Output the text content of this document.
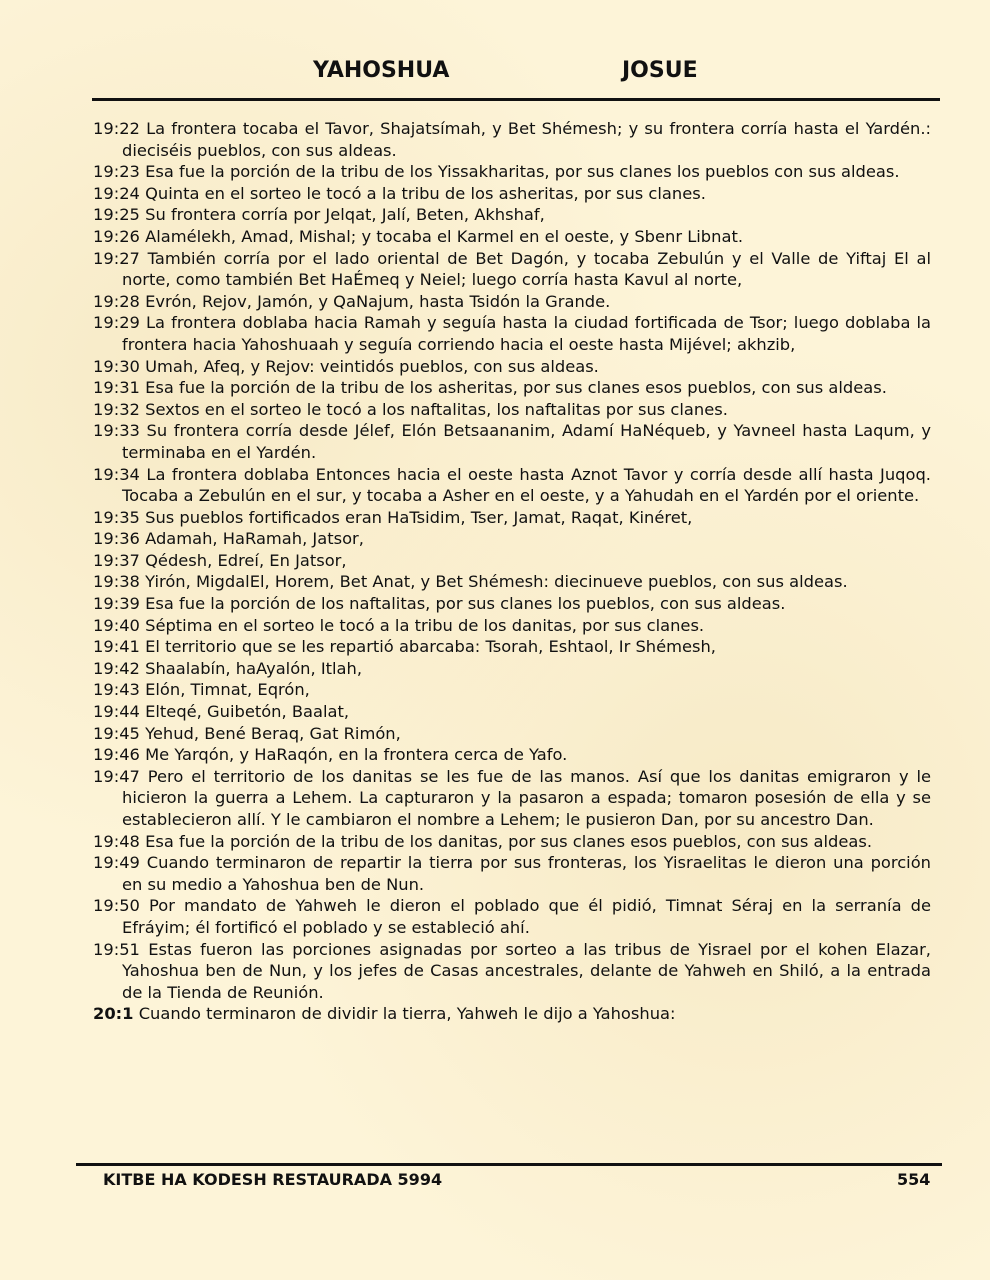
YAHOSHUA	JOSUE
19:22 La frontera tocaba el Tavor, Shajatsímah, y Bet Shémesh; y su frontera corría hasta el Yardén.: dieciséis pueblos, con sus aldeas.
19:23 Esa fue la porción de la tribu de los Yissakharitas, por sus clanes los pueblos con sus aldeas.
19:24 Quinta en el sorteo le tocó a la tribu de los asheritas, por sus clanes.
19:25 Su frontera corría por Jelqat, Jalí, Beten, Akhshaf,
19:26 Alamélekh, Amad, Mishal; y tocaba el Karmel en el oeste, y Sbenr Libnat.
19:27 También corría por el lado oriental de Bet Dagón, y tocaba Zebulún y el Valle de Yiftaj El al norte, como también Bet HaÉmeq y Neiel; luego corría hasta Kavul al norte,
19:28 Evrón, Rejov, Jamón, y QaNajum, hasta Tsidón la Grande.
19:29 La frontera doblaba hacia Ramah y seguía hasta la ciudad fortificada de Tsor; luego doblaba la frontera hacia Yahoshuaah y seguía corriendo hacia el oeste hasta Mijével; akhzib,
19:30 Umah, Afeq, y Rejov: veintidós pueblos, con sus aldeas.
19:31 Esa fue la porción de la tribu de los asheritas, por sus clanes esos pueblos, con sus aldeas.
19:32 Sextos en el sorteo le tocó a los naftalitas, los naftalitas por sus clanes.
19:33 Su frontera corría desde Jélef, Elón Betsaananim, Adamí HaNéqueb, y Yavneel hasta Laqum, y terminaba en el Yardén.
19:34 La frontera doblaba Entonces hacia el oeste hasta Aznot Tavor y corría desde allí hasta Juqoq. Tocaba a Zebulún en el sur, y tocaba a Asher en el oeste, y a Yahudah en el Yardén por el oriente.
19:35 Sus pueblos fortificados eran HaTsidim, Tser, Jamat, Raqat, Kinéret,
19:36 Adamah, HaRamah, Jatsor,
19:37 Qédesh, Edreí, En Jatsor,
19:38 Yirón, MigdalEl, Horem, Bet Anat, y Bet Shémesh: diecinueve pueblos, con sus aldeas.
19:39 Esa fue la porción de los naftalitas, por sus clanes los pueblos, con sus aldeas.
19:40 Séptima en el sorteo le tocó a la tribu de los danitas, por sus clanes.
19:41 El territorio que se les repartió abarcaba: Tsorah, Eshtaol, Ir Shémesh,
19:42 Shaalabín, haAyalón, Itlah,
19:43 Elón, Timnat, Eqrón,
19:44 Elteqé, Guibetón, Baalat,
19:45 Yehud, Bené Beraq, Gat Rimón,
19:46 Me Yarqón, y HaRaqón, en la frontera cerca de Yafo.
19:47 Pero el territorio de los danitas se les fue de las manos. Así que los danitas emigraron y le hicieron la guerra a Lehem. La capturaron y la pasaron a espada; tomaron posesión de ella y se establecieron allí. Y le cambiaron el nombre a Lehem; le pusieron Dan, por su ancestro Dan.
19:48 Esa fue la porción de la tribu de los danitas, por sus clanes esos pueblos, con sus aldeas.
19:49 Cuando terminaron de repartir la tierra por sus fronteras, los Yisraelitas le dieron una porción en su medio a Yahoshua ben de Nun.
19:50 Por mandato de Yahweh le dieron el poblado que él pidió, Timnat Séraj en la serranía de Efráyim; él fortificó el poblado y se estableció ahí.
19:51 Estas fueron las porciones asignadas por sorteo a las tribus de Yisrael por el kohen Elazar, Yahoshua ben de Nun, y los jefes de Casas ancestrales, delante de Yahweh en Shiló, a la entrada de la Tienda de Reunión.
20:1 Cuando terminaron de dividir la tierra, Yahweh le dijo a Yahoshua:
KITBE HA KODESH RESTAURADA 5994	554
